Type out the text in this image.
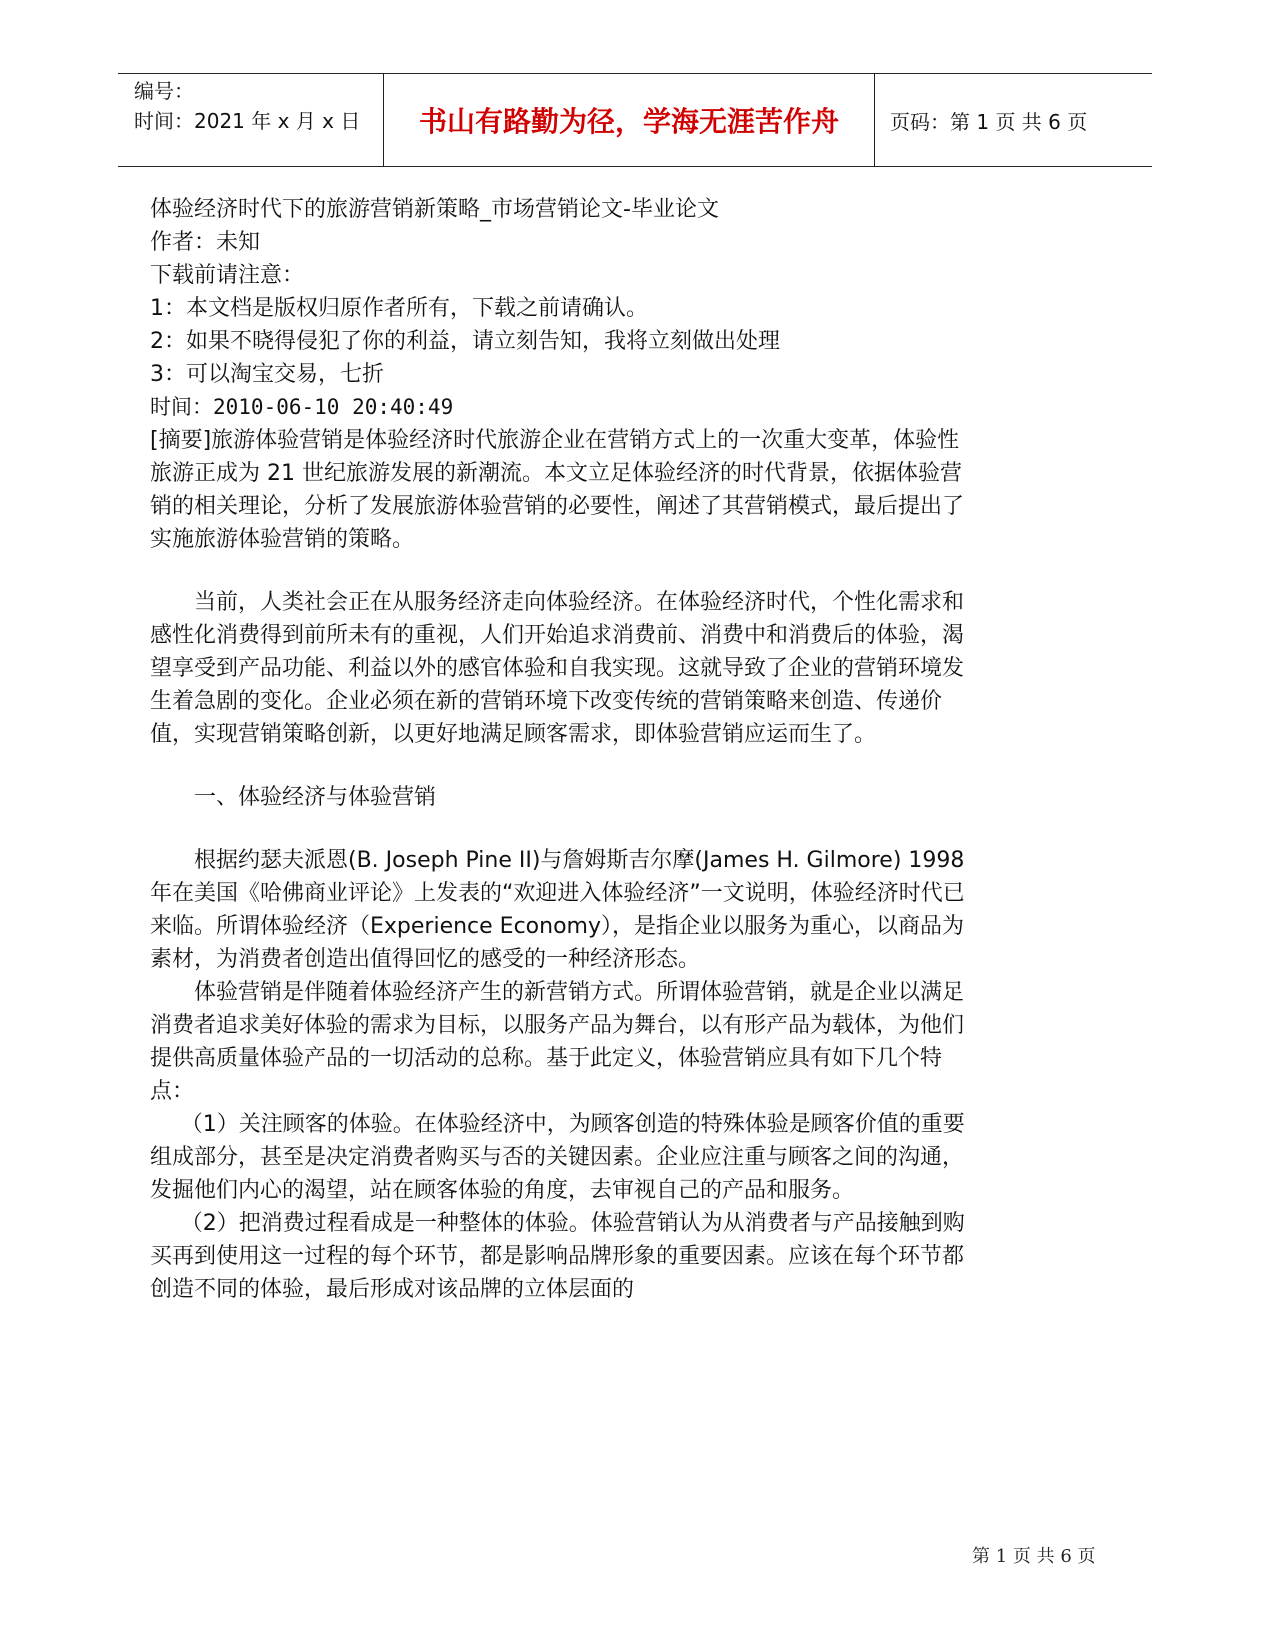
编号：
时间：2021 年 x 月 x 日	书山有路勤为径，学海无涯苦作舟	页码：第 1 页 共 6 页

体验经济时代下的旅游营销新策略_市场营销论文-毕业论文

作者：未知

下载前请注意：

1：本文档是版权归原作者所有，下载之前请确认。

2：如果不晓得侵犯了你的利益，请立刻告知，我将立刻做出处理

3：可以淘宝交易，七折

时间：2010-06-10 20:40:49

[摘要]旅游体验营销是体验经济时代旅游企业在营销方式上的一次重大变革，体验性旅游正成为 21 世纪旅游发展的新潮流。本文立足体验经济的时代背景，依据体验营销的相关理论，分析了发展旅游体验营销的必要性，阐述了其营销模式，最后提出了实施旅游体验营销的策略。

当前，人类社会正在从服务经济走向体验经济。在体验经济时代，个性化需求和感性化消费得到前所未有的重视，人们开始追求消费前、消费中和消费后的体验，渴望享受到产品功能、利益以外的感官体验和自我实现。这就导致了企业的营销环境发生着急剧的变化。企业必须在新的营销环境下改变传统的营销策略来创造、传递价值，实现营销策略创新，以更好地满足顾客需求，即体验营销应运而生了。

一、体验经济与体验营销

根据约瑟夫派恩(B. Joseph Pine II)与詹姆斯吉尔摩(James H. Gilmore) 1998 年在美国《哈佛商业评论》上发表的“欢迎进入体验经济”一文说明，体验经济时代已来临。所谓体验经济（Experience Economy），是指企业以服务为重心，以商品为素材，为消费者创造出值得回忆的感受的一种经济形态。

体验营销是伴随着体验经济产生的新营销方式。所谓体验营销，就是企业以满足消费者追求美好体验的需求为目标，以服务产品为舞台，以有形产品为载体，为他们提供高质量体验产品的一切活动的总称。基于此定义，体验营销应具有如下几个特点：

（1）关注顾客的体验。在体验经济中，为顾客创造的特殊体验是顾客价值的重要组成部分，甚至是决定消费者购买与否的关键因素。企业应注重与顾客之间的沟通，发掘他们内心的渴望，站在顾客体验的角度，去审视自己的产品和服务。

（2）把消费过程看成是一种整体的体验。体验营销认为从消费者与产品接触到购买再到使用这一过程的每个环节，都是影响品牌形象的重要因素。应该在每个环节都创造不同的体验，最后形成对该品牌的立体层面的

第 1 页 共 6 页
